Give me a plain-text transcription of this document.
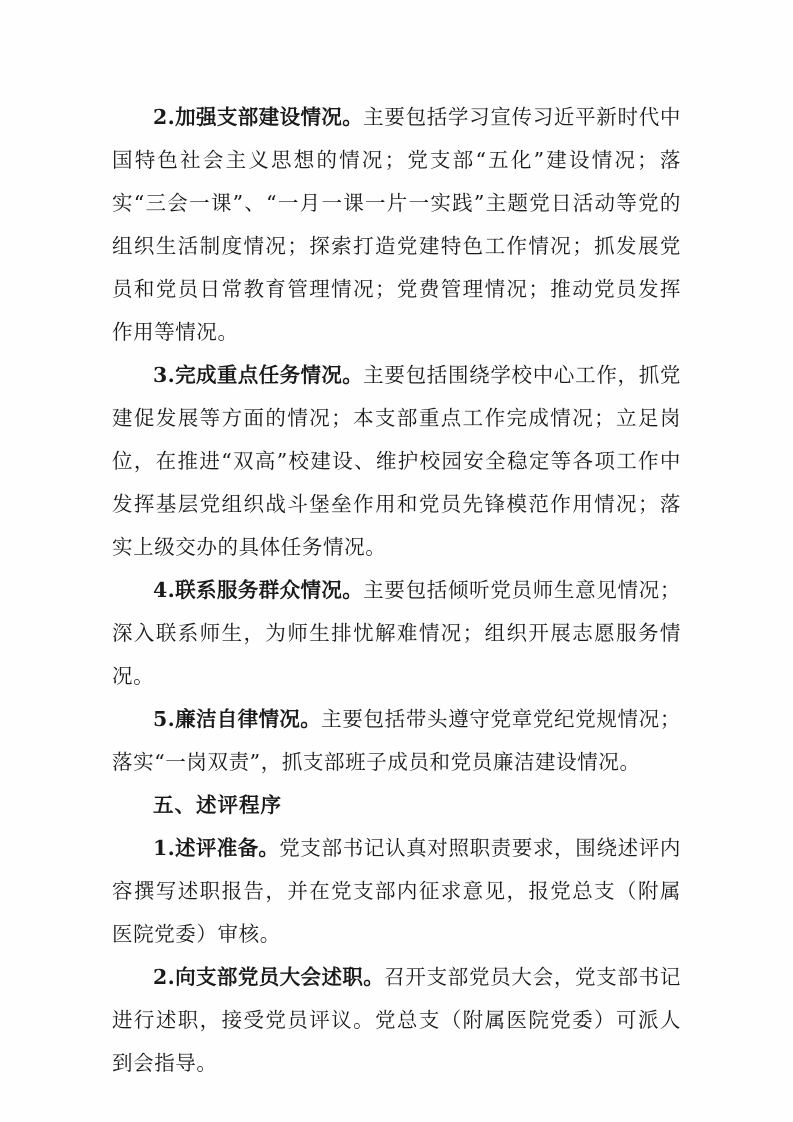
2.加强支部建设情况。主要包括学习宣传习近平新时代中国特色社会主义思想的情况；党支部“五化”建设情况；落实“三会一课”、“一月一课一片一实践”主题党日活动等党的组织生活制度情况；探索打造党建特色工作情况；抓发展党员和党员日常教育管理情况；党费管理情况；推动党员发挥作用等情况。

3.完成重点任务情况。主要包括围绕学校中心工作，抓党建促发展等方面的情况；本支部重点工作完成情况；立足岗位，在推进“双高”校建设、维护校园安全稳定等各项工作中发挥基层党组织战斗堡垒作用和党员先锋模范作用情况；落实上级交办的具体任务情况。

4.联系服务群众情况。主要包括倾听党员师生意见情况；深入联系师生，为师生排忧解难情况；组织开展志愿服务情况。

5.廉洁自律情况。主要包括带头遵守党章党纪党规情况；落实“一岗双责”，抓支部班子成员和党员廉洁建设情况。

五、述评程序

1.述评准备。党支部书记认真对照职责要求，围绕述评内容撰写述职报告，并在党支部内征求意见，报党总支（附属医院党委）审核。

2.向支部党员大会述职。召开支部党员大会，党支部书记进行述职，接受党员评议。党总支（附属医院党委）可派人到会指导。
